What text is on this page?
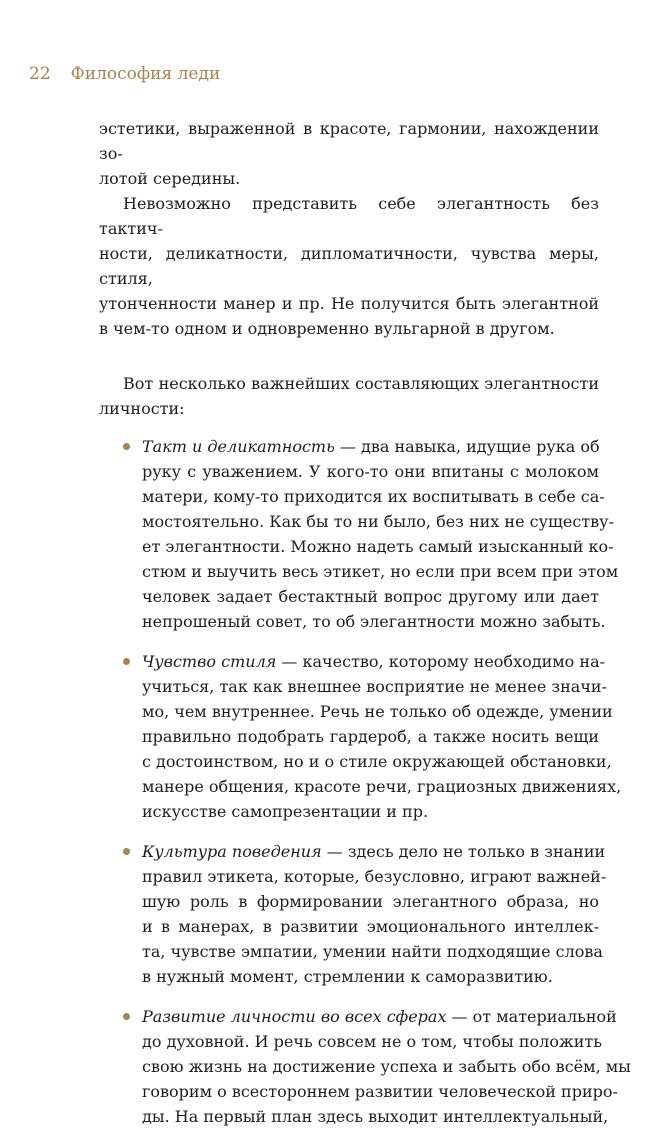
22 Философия леди
эстетики, выраженной в красоте, гармонии, нахождении зо-
лотой середины.
Невозможно представить себе элегантность без тактич-
ности, деликатности, дипломатичности, чувства меры, стиля,
утонченности манер и пр. Не получится быть элегантной
в чем-то одном и одновременно вульгарной в другом.
Вот несколько важнейших составляющих элегантности
личности:
Такт и деликатность — два навыка, идущие рука об
руку с уважением. У кого-то они впитаны с молоком
матери, кому-то приходится их воспитывать в себе са-
мостоятельно. Как бы то ни было, без них не существу-
ет элегантности. Можно надеть самый изысканный ко-
стюм и выучить весь этикет, но если при всем при этом
человек задает бестактный вопрос другому или дает
непрошеный совет, то об элегантности можно забыть.
Чувство стиля — качество, которому необходимо на-
учиться, так как внешнее восприятие не менее значи-
мо, чем внутреннее. Речь не только об одежде, умении
правильно подобрать гардероб, а также носить вещи
с достоинством, но и о стиле окружающей обстановки,
манере общения, красоте речи, грациозных движениях,
искусстве самопрезентации и пр.
Культура поведения — здесь дело не только в знании
правил этикета, которые, безусловно, играют важней-
шую роль в формировании элегантного образа, но
и в манерах, в развитии эмоционального интеллек-
та, чувстве эмпатии, умении найти подходящие слова
в нужный момент, стремлении к саморазвитию.
Развитие личности во всех сферах — от материальной
до духовной. И речь совсем не о том, чтобы положить
свою жизнь на достижение успеха и забыть обо всём, мы
говорим о всестороннем развитии человеческой приро-
ды. На первый план здесь выходит интеллектуальный,
